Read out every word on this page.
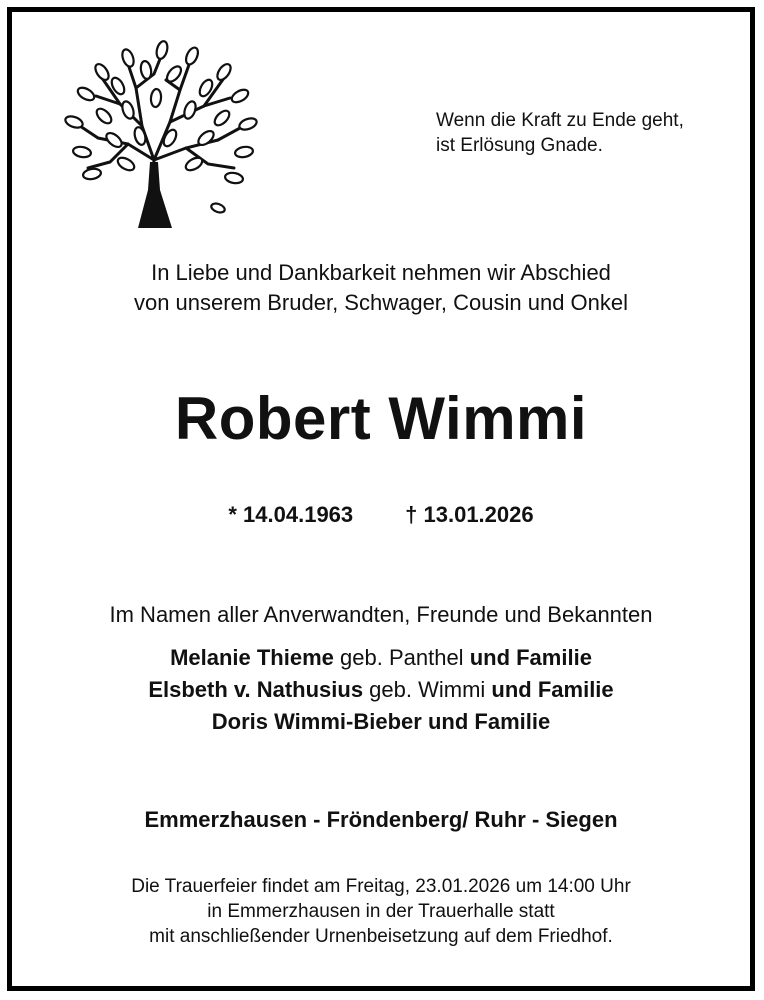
Wenn die Kraft zu Ende geht,
ist Erlösung Gnade.
In Liebe und Dankbarkeit nehmen wir Abschied
von unserem Bruder, Schwager, Cousin und Onkel
Robert Wimmi
* 14.04.1963 † 13.01.2026
Im Namen aller Anverwandten, Freunde und Bekannten
Melanie Thieme geb. Panthel und Familie
Elsbeth v. Nathusius geb. Wimmi und Familie
Doris Wimmi-Bieber und Familie
Emmerzhausen - Fröndenberg/ Ruhr - Siegen
Die Trauerfeier findet am Freitag, 23.01.2026 um 14:00 Uhr
in Emmerzhausen in der Trauerhalle statt
mit anschließender Urnenbeisetzung auf dem Friedhof.
